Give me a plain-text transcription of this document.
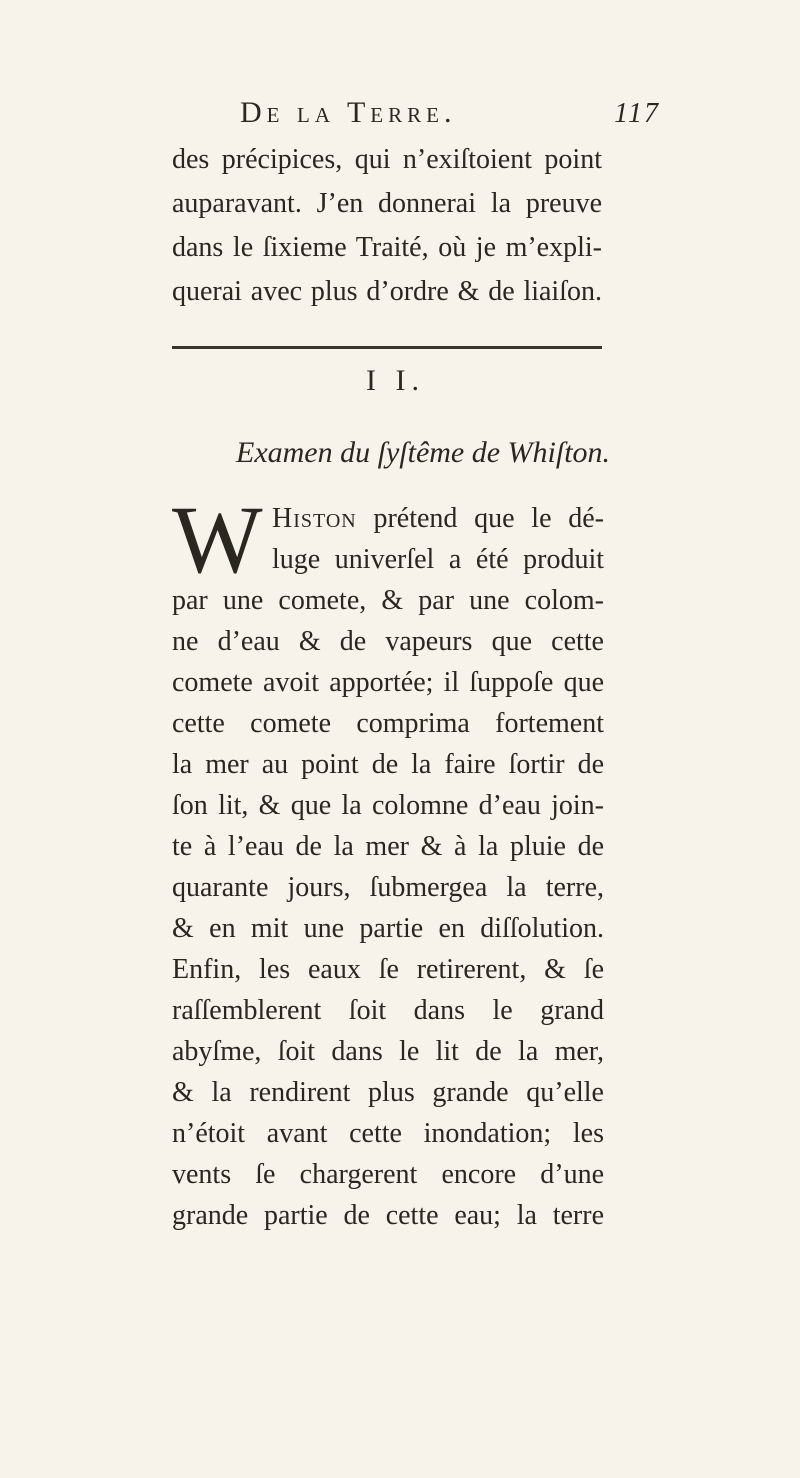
De la Terre.	117
des précipices, qui n’exiſtoient point
auparavant. J’en donnerai la preuve
dans le ſixieme Traité, où je m’expli-
querai avec plus d’ordre & de liaiſon.
I I.
Examen du ſyſtême de Whiſton.
W Histon prétend que le dé-
luge univerſel a été produit
par une comete, & par une colom-
ne d’eau & de vapeurs que cette
comete avoit apportée; il ſuppoſe que
cette comete comprima fortement
la mer au point de la faire ſortir de
ſon lit, & que la colomne d’eau join-
te à l’eau de la mer & à la pluie de
quarante jours, ſubmergea la terre,
& en mit une partie en diſſolution.
Enfin, les eaux ſe retirerent, & ſe
raſſemblerent ſoit dans le grand
abyſme, ſoit dans le lit de la mer,
& la rendirent plus grande qu’elle
n’étoit avant cette inondation; les
vents ſe chargerent encore d’une
grande partie de cette eau; la terre
